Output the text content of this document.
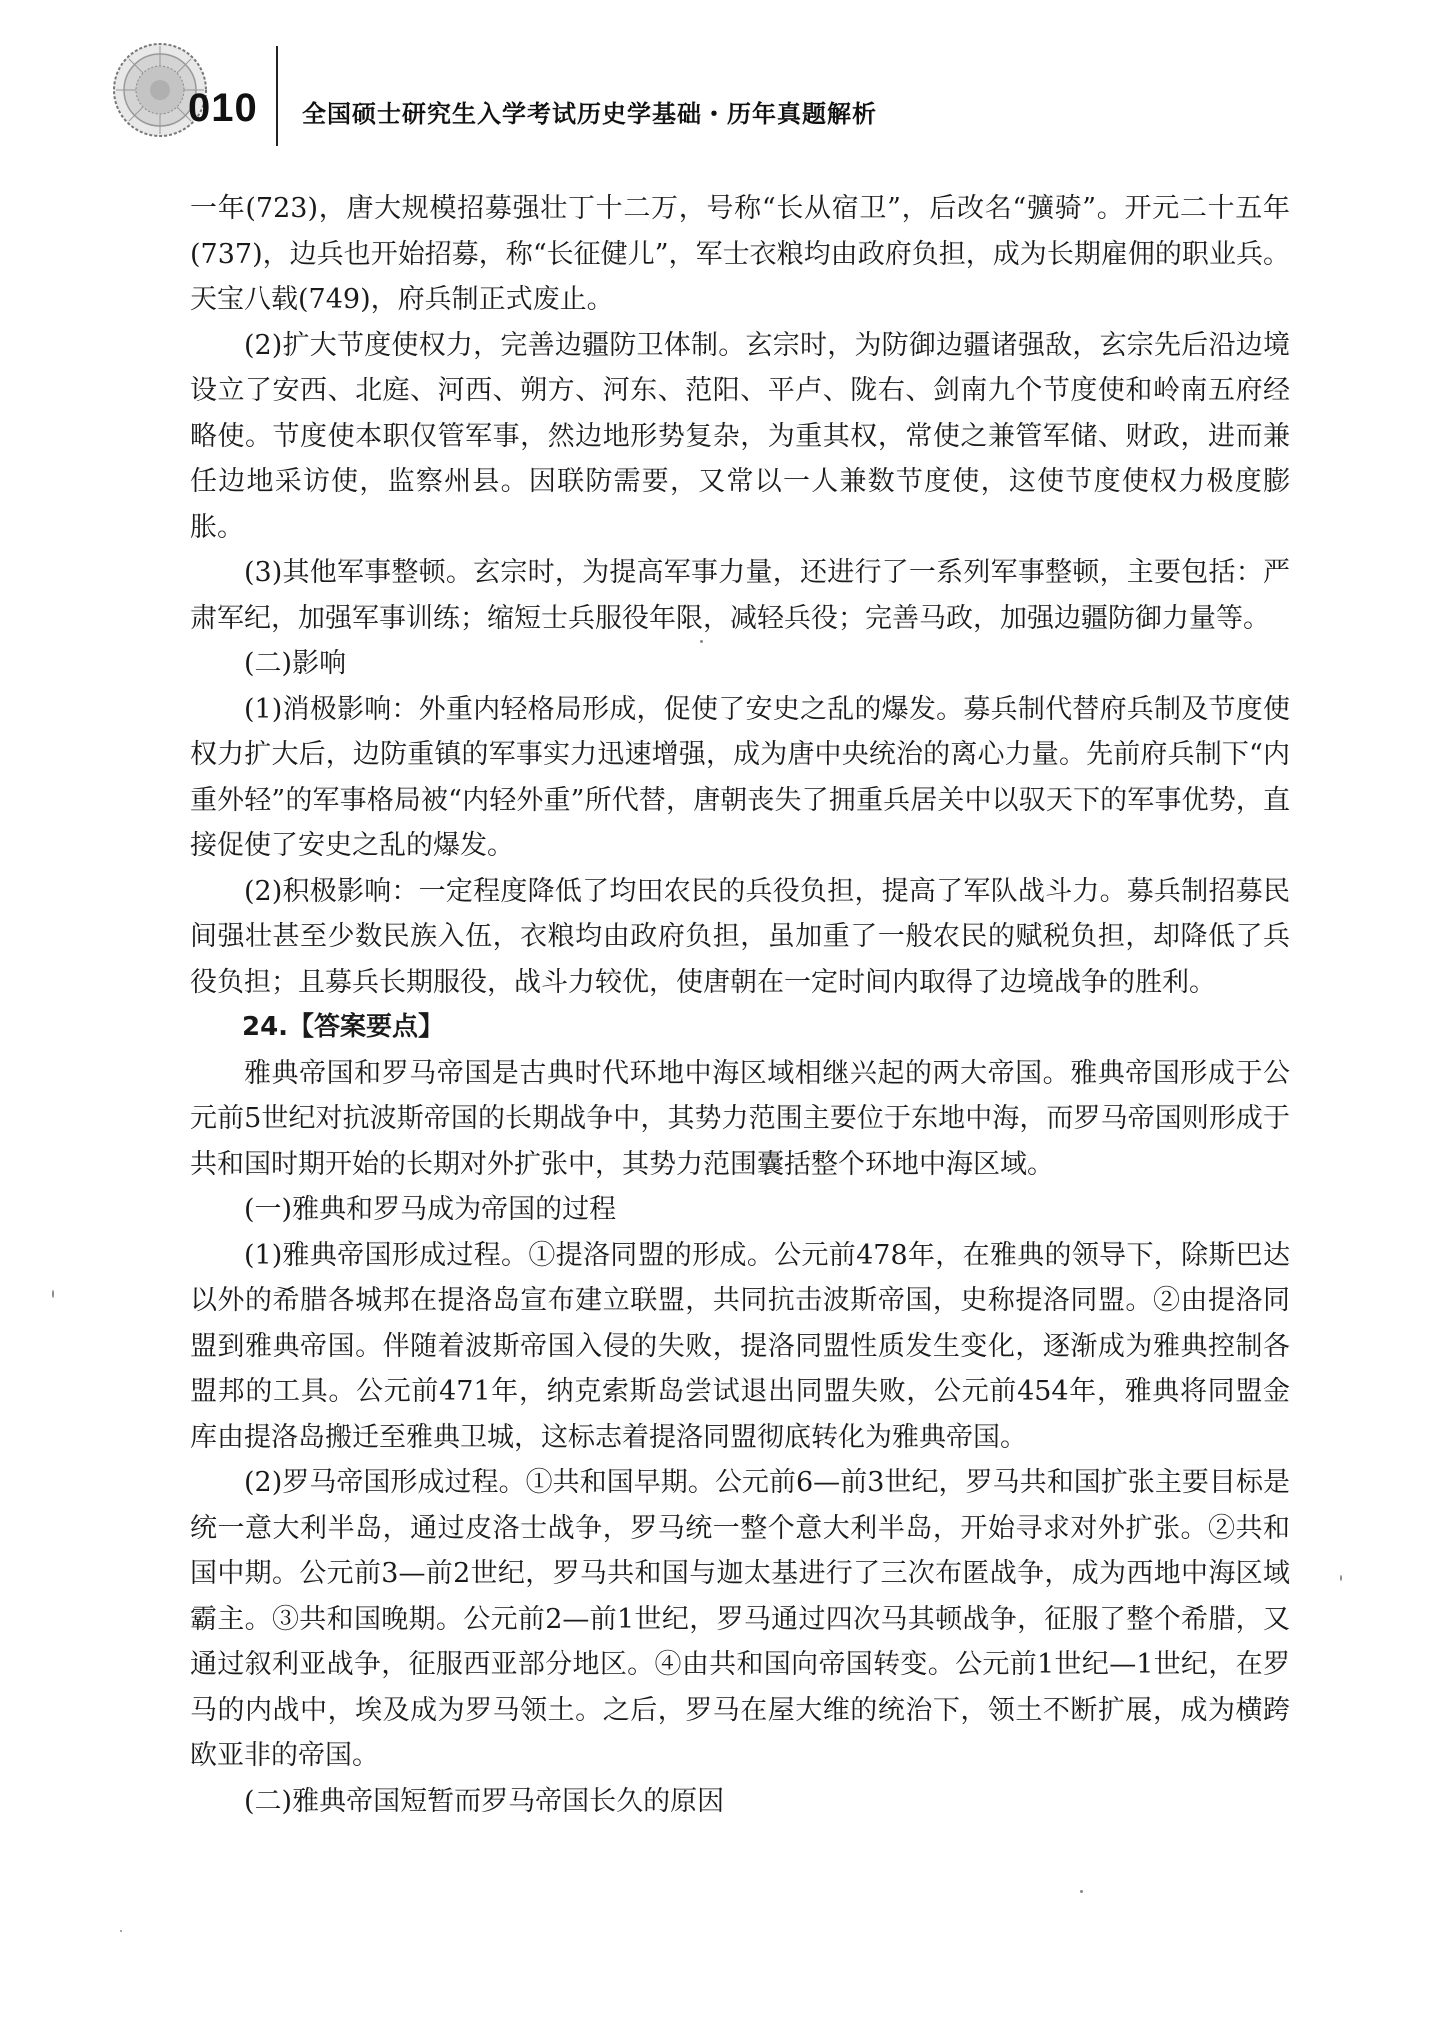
010 全国硕士研究生入学考试历史学基础・历年真题解析

一年(723)，唐大规模招募强壮丁十二万，号称“长从宿卫”，后改名“彍骑”。开元二十五年(737)，边兵也开始招募，称“长征健儿”，军士衣粮均由政府负担，成为长期雇佣的职业兵。天宝八载(749)，府兵制正式废止。

(2)扩大节度使权力，完善边疆防卫体制。玄宗时，为防御边疆诸强敌，玄宗先后沿边境设立了安西、北庭、河西、朔方、河东、范阳、平卢、陇右、剑南九个节度使和岭南五府经略使。节度使本职仅管军事，然边地形势复杂，为重其权，常使之兼管军储、财政，进而兼任边地采访使，监察州县。因联防需要，又常以一人兼数节度使，这使节度使权力极度膨胀。

(3)其他军事整顿。玄宗时，为提高军事力量，还进行了一系列军事整顿，主要包括：严肃军纪，加强军事训练；缩短士兵服役年限，减轻兵役；完善马政，加强边疆防御力量等。

(二)影响

(1)消极影响：外重内轻格局形成，促使了安史之乱的爆发。募兵制代替府兵制及节度使权力扩大后，边防重镇的军事实力迅速增强，成为唐中央统治的离心力量。先前府兵制下“内重外轻”的军事格局被“内轻外重”所代替，唐朝丧失了拥重兵居关中以驭天下的军事优势，直接促使了安史之乱的爆发。

(2)积极影响：一定程度降低了均田农民的兵役负担，提高了军队战斗力。募兵制招募民间强壮甚至少数民族入伍，衣粮均由政府负担，虽加重了一般农民的赋税负担，却降低了兵役负担；且募兵长期服役，战斗力较优，使唐朝在一定时间内取得了边境战争的胜利。

24.【答案要点】

雅典帝国和罗马帝国是古典时代环地中海区域相继兴起的两大帝国。雅典帝国形成于公元前5世纪对抗波斯帝国的长期战争中，其势力范围主要位于东地中海，而罗马帝国则形成于共和国时期开始的长期对外扩张中，其势力范围囊括整个环地中海区域。

(一)雅典和罗马成为帝国的过程

(1)雅典帝国形成过程。①提洛同盟的形成。公元前478年，在雅典的领导下，除斯巴达以外的希腊各城邦在提洛岛宣布建立联盟，共同抗击波斯帝国，史称提洛同盟。②由提洛同盟到雅典帝国。伴随着波斯帝国入侵的失败，提洛同盟性质发生变化，逐渐成为雅典控制各盟邦的工具。公元前471年，纳克索斯岛尝试退出同盟失败，公元前454年，雅典将同盟金库由提洛岛搬迁至雅典卫城，这标志着提洛同盟彻底转化为雅典帝国。

(2)罗马帝国形成过程。①共和国早期。公元前6—前3世纪，罗马共和国扩张主要目标是统一意大利半岛，通过皮洛士战争，罗马统一整个意大利半岛，开始寻求对外扩张。②共和国中期。公元前3—前2世纪，罗马共和国与迦太基进行了三次布匿战争，成为西地中海区域霸主。③共和国晚期。公元前2—前1世纪，罗马通过四次马其顿战争，征服了整个希腊，又通过叙利亚战争，征服西亚部分地区。④由共和国向帝国转变。公元前1世纪—1世纪，在罗马的内战中，埃及成为罗马领土。之后，罗马在屋大维的统治下，领土不断扩展，成为横跨欧亚非的帝国。

(二)雅典帝国短暂而罗马帝国长久的原因
